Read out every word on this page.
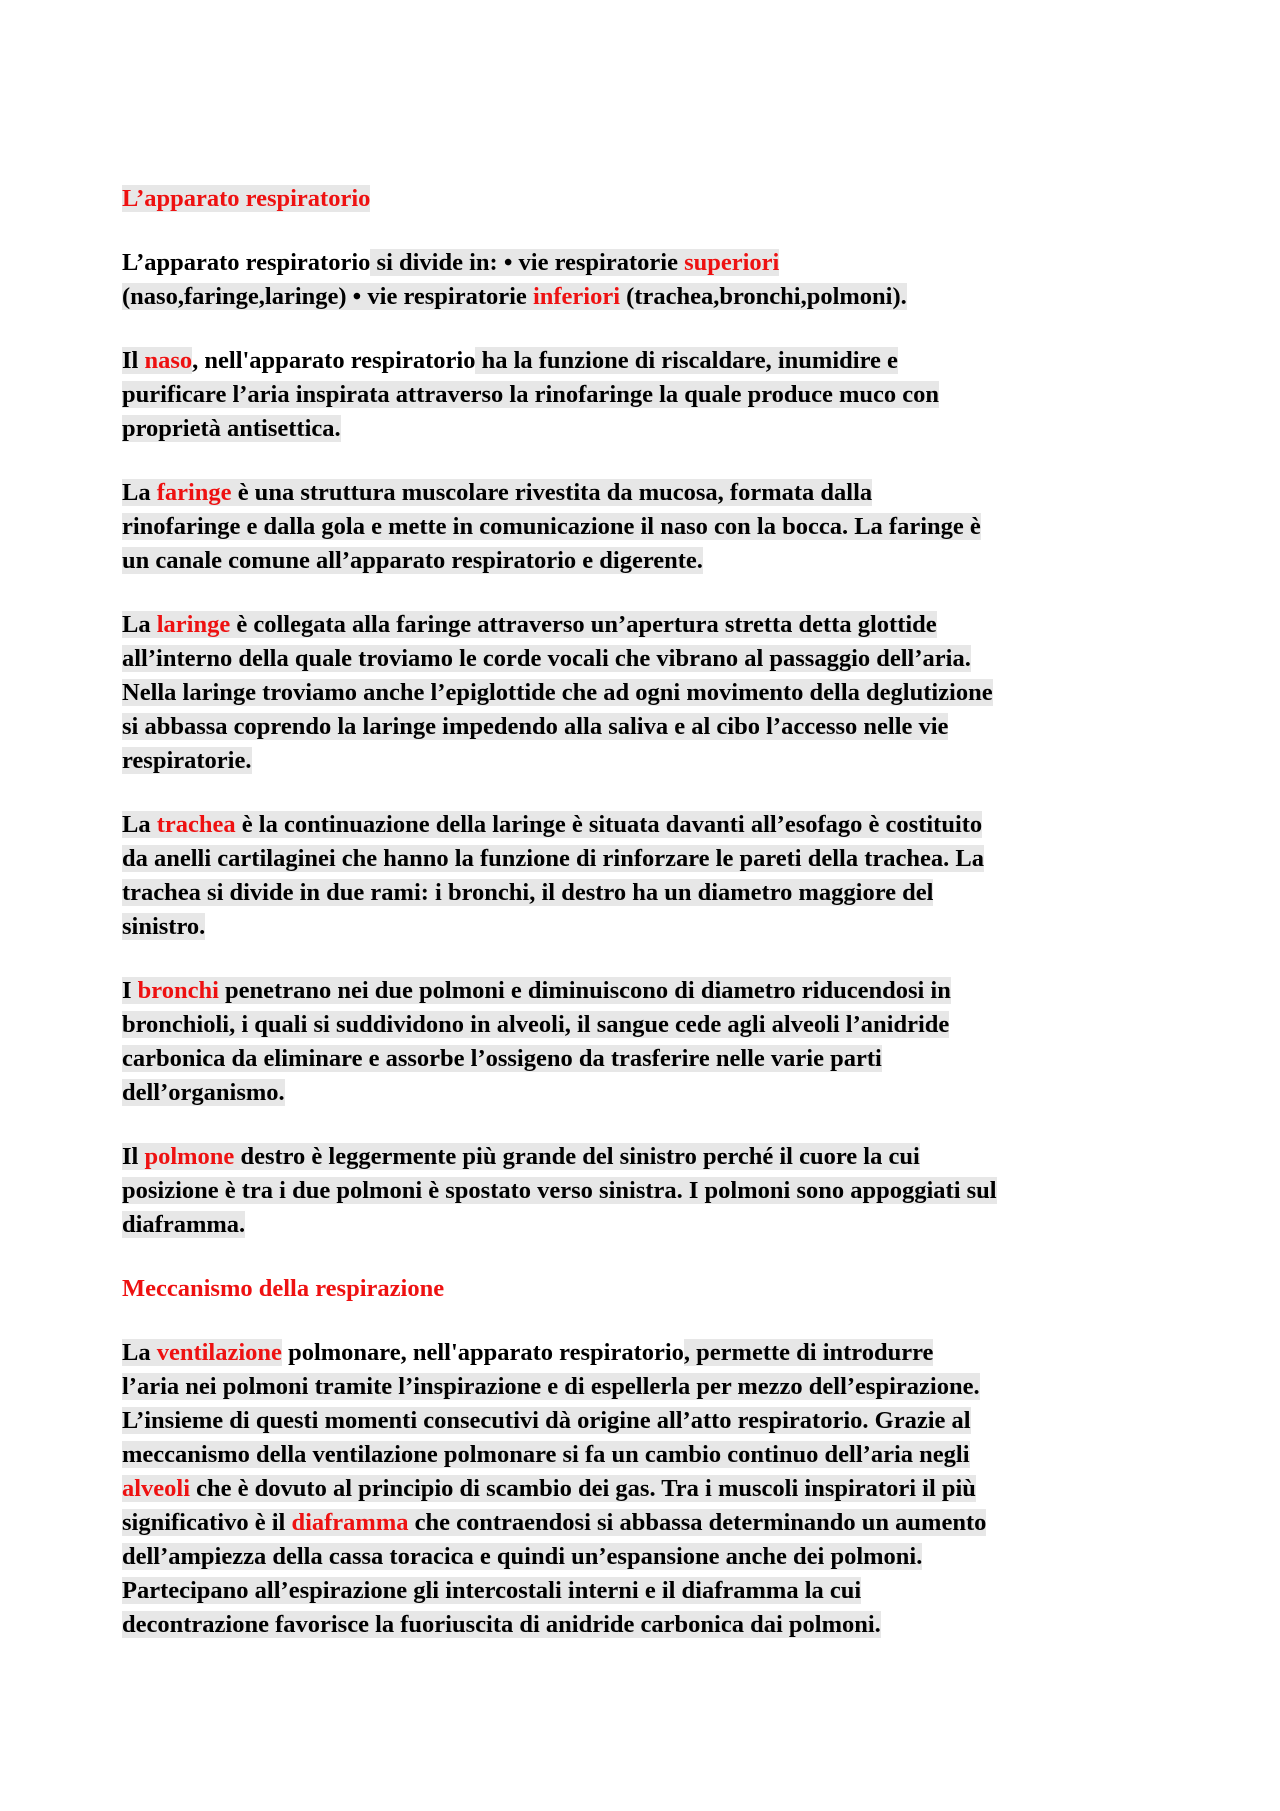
L’apparato respiratorio
L’apparato respiratorio si divide in: • vie respiratorie superiori
(naso,faringe,laringe) • vie respiratorie inferiori (trachea,bronchi,polmoni).
Il naso, nell'apparato respiratorio ha la funzione di riscaldare, inumidire e
purificare l’aria inspirata attraverso la rinofaringe la quale produce muco con
proprietà antisettica.
La faringe è una struttura muscolare rivestita da mucosa, formata dalla
rinofaringe e dalla gola e mette in comunicazione il naso con la bocca. La faringe è
un canale comune all’apparato respiratorio e digerente.
La laringe è collegata alla faringe attraverso un’apertura stretta detta glottide
all’interno della quale troviamo le corde vocali che vibrano al passaggio dell’aria.
Nella laringe troviamo anche l’epiglottide che ad ogni movimento della deglutizione
si abbassa coprendo la laringe impedendo alla saliva e al cibo l’accesso nelle vie
respiratorie.
La trachea è la continuazione della laringe è situata davanti all’esofago è costituito
da anelli cartilaginei che hanno la funzione di rinforzare le pareti della trachea. La
trachea si divide in due rami: i bronchi, il destro ha un diametro maggiore del
sinistro.
I bronchi penetrano nei due polmoni e diminuiscono di diametro riducendosi in
bronchioli, i quali si suddividono in alveoli, il sangue cede agli alveoli l’anidride
carbonica da eliminare e assorbe l’ossigeno da trasferire nelle varie parti
dell’organismo.
Il polmone destro è leggermente più grande del sinistro perché il cuore la cui
posizione è tra i due polmoni è spostato verso sinistra. I polmoni sono appoggiati sul
diaframma.
Meccanismo della respirazione
La ventilazione polmonare, nell'apparato respiratorio, permette di introdurre
l’aria nei polmoni tramite l’inspirazione e di espellerla per mezzo dell’espirazione.
L’insieme di questi momenti consecutivi dà origine all’atto respiratorio. Grazie al
meccanismo della ventilazione polmonare si fa un cambio continuo dell’aria negli
alveoli che è dovuto al principio di scambio dei gas. Tra i muscoli inspiratori il più
significativo è il diaframma che contraendosi si abbassa determinando un aumento
dell’ampiezza della cassa toracica e quindi un’espansione anche dei polmoni.
Partecipano all’espirazione gli intercostali interni e il diaframma la cui
decontrazione favorisce la fuoriuscita di anidride carbonica dai polmoni.
